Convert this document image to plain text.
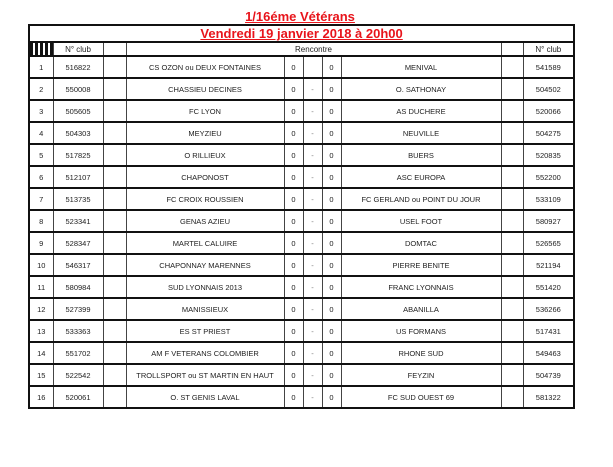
1/16éme Vétérans
Vendredi 19 janvier 2018 à 20h00									
	N° club		Rencontre						N° club
1	516822		CS OZON ou DEUX FONTAINES	0		0	MENIVAL		541589
2	550008		CHASSIEU DECINES	0	-	0	O. SATHONAY		504502
3	505605		FC LYON	0	-	0	AS DUCHERE		520066
4	504303		MEYZIEU	0	-	0	NEUVILLE		504275
5	517825		O RILLIEUX	0	-	0	BUERS		520835
6	512107		CHAPONOST	0	-	0	ASC EUROPA		552200
7	513735		FC CROIX ROUSSIEN	0	-	0	FC GERLAND ou POINT DU JOUR		533109
8	523341		GENAS AZIEU	0	-	0	USEL FOOT		580927
9	528347		MARTEL CALUIRE	0	-	0	DOMTAC		526565
10	546317		CHAPONNAY MARENNES	0	-	0	PIERRE BENITE		521194
11	580984		SUD LYONNAIS 2013	0	-	0	FRANC LYONNAIS		551420
12	527399		MANISSIEUX	0	-	0	ABANILLA		536266
13	533363		ES ST PRIEST	0	-	0	US FORMANS		517431
14	551702		AM F VETERANS COLOMBIER	0	-	0	RHONE SUD		549463
15	522542		TROLLSPORT ou ST MARTIN EN HAUT	0	-	0	FEYZIN		504739
16	520061		O. ST GENIS LAVAL	0	-	0	FC SUD OUEST 69		581322
